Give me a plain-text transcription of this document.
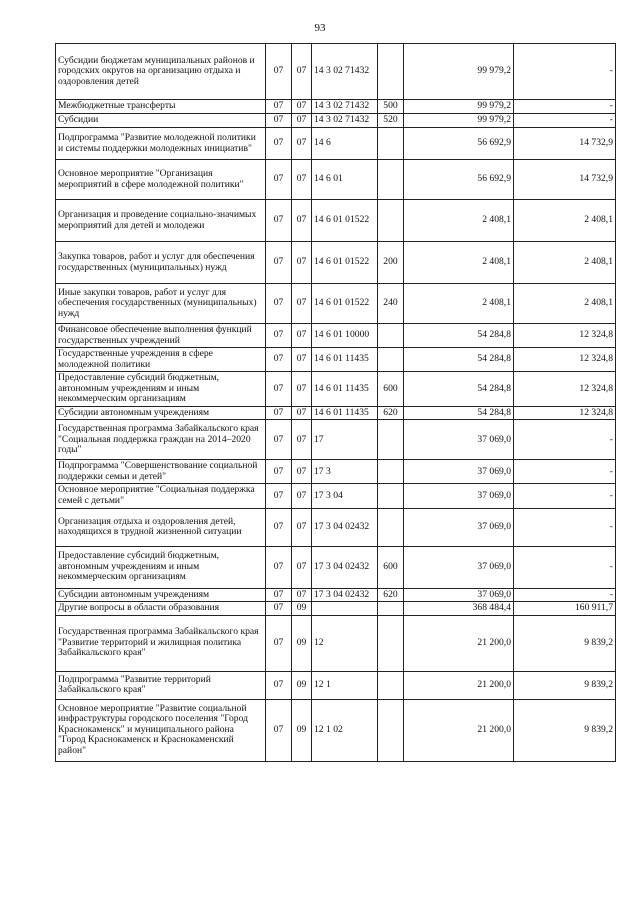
93
Субсидии бюджетам муниципальных районов и городских округов на организацию отдыха и оздоровления детей	07	07	14 3 02 71432		99 979,2	-
Межбюджетные трансферты	07	07	14 3 02 71432	500	99 979,2	-
Субсидии	07	07	14 3 02 71432	520	99 979,2	-
Подпрограмма "Развитие молодежной политики и системы поддержки молодежных инициатив"	07	07	14 6		56 692,9	14 732,9
Основное мероприятие "Организация мероприятий в сфере молодежной политики"	07	07	14 6 01		56 692,9	14 732,9
Организация и проведение социально-значимых мероприятий для детей и молодежи	07	07	14 6 01 01522		2 408,1	2 408,1
Закупка товаров, работ и услуг для обеспечения государственных (муниципальных) нужд	07	07	14 6 01 01522	200	2 408,1	2 408,1
Иные закупки товаров, работ и услуг для обеспечения государственных (муниципальных) нужд	07	07	14 6 01 01522	240	2 408,1	2 408,1
Финансовое обеспечение выполнения функций государственных учреждений	07	07	14 6 01 10000		54 284,8	12 324,8
Государственные учреждения в сфере молодежной политики	07	07	14 6 01 11435		54 284,8	12 324,8
Предоставление субсидий бюджетным, автономным учреждениям и иным некоммерческим организациям	07	07	14 6 01 11435	600	54 284,8	12 324,8
Субсидии автономным учреждениям	07	07	14 6 01 11435	620	54 284,8	12 324,8
Государственная программа Забайкальского края "Социальная поддержка граждан на 2014–2020 годы"	07	07	17		37 069,0	-
Подпрограмма "Совершенствование социальной поддержки семьи и детей"	07	07	17 3		37 069,0	-
Основное мероприятие "Социальная поддержка семей с детьми"	07	07	17 3 04		37 069,0	-
Организация отдыха и оздоровления детей, находящихся в трудной жизненной ситуации	07	07	17 3 04 02432		37 069,0	-
Предоставление субсидий бюджетным, автономным учреждениям и иным некоммерческим организациям	07	07	17 3 04 02432	600	37 069,0	-
Субсидии автономным учреждениям	07	07	17 3 04 02432	620	37 069,0	-
Другие вопросы в области образования	07	09			368 484,4	160 911,7
Государственная программа Забайкальского края "Развитие территорий и жилищная политика Забайкальского края"	07	09	12		21 200,0	9 839,2
Подпрограмма "Развитие территорий Забайкальского края"	07	09	12 1		21 200,0	9 839,2
Основное мероприятие "Развитие социальной инфраструктуры городского поселения "Город Краснокаменск" и муниципального района "Город Краснокаменск и Краснокаменский район"	07	09	12 1 02		21 200,0	9 839,2
